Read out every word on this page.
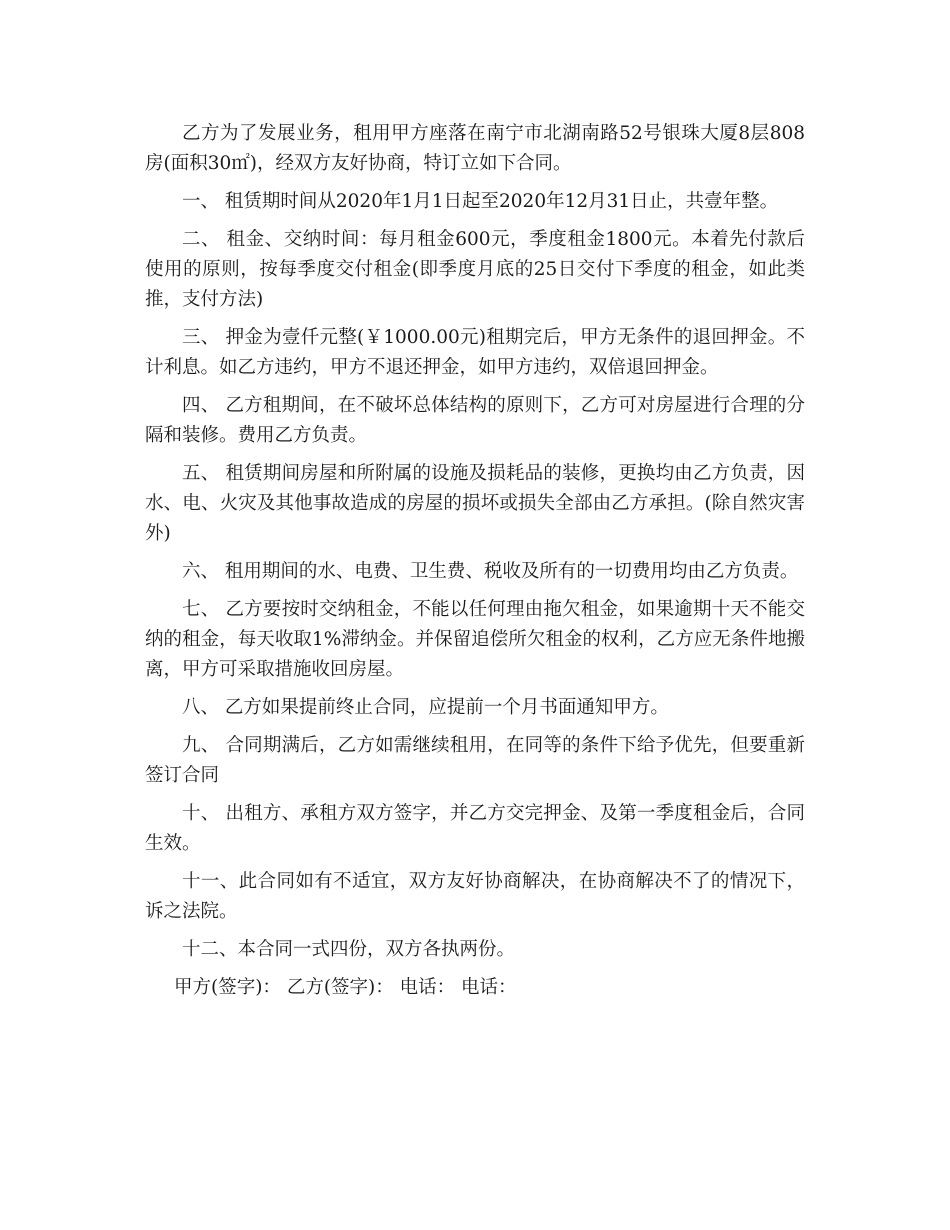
乙方为了发展业务，租用甲方座落在南宁市北湖南路52号银珠大厦8层808房(面积30㎡)，经双方友好协商，特订立如下合同。

一、 租赁期时间从2020年1月1日起至2020年12月31日止，共壹年整。

二、 租金、交纳时间：每月租金600元，季度租金1800元。本着先付款后使用的原则，按每季度交付租金(即季度月底的25日交付下季度的租金，如此类推，支付方法)

三、 押金为壹仟元整(￥1000.00元)租期完后，甲方无条件的退回押金。不计利息。如乙方违约，甲方不退还押金，如甲方违约，双倍退回押金。

四、 乙方租期间，在不破坏总体结构的原则下，乙方可对房屋进行合理的分隔和装修。费用乙方负责。

五、 租赁期间房屋和所附属的设施及损耗品的装修，更换均由乙方负责，因水、电、火灾及其他事故造成的房屋的损坏或损失全部由乙方承担。(除自然灾害外)

六、 租用期间的水、电费、卫生费、税收及所有的一切费用均由乙方负责。

七、 乙方要按时交纳租金，不能以任何理由拖欠租金，如果逾期十天不能交纳的租金，每天收取1%滞纳金。并保留追偿所欠租金的权利，乙方应无条件地搬离，甲方可采取措施收回房屋。

八、 乙方如果提前终止合同，应提前一个月书面通知甲方。

九、 合同期满后，乙方如需继续租用，在同等的条件下给予优先，但要重新签订合同

十、 出租方、承租方双方签字，并乙方交完押金、及第一季度租金后，合同生效。

十一、此合同如有不适宜，双方友好协商解决，在协商解决不了的情况下，诉之法院。

十二、本合同一式四份，双方各执两份。

甲方(签字)： 乙方(签字)： 电话： 电话：
